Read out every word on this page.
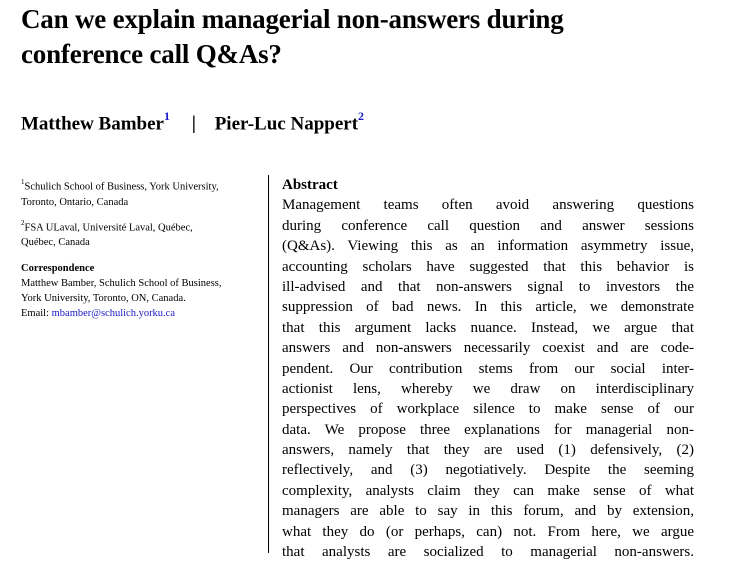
Can we explain managerial non-answers during
conference call Q&As?
Matthew Bamber$^1$ | Pier-Luc Nappert$^2$

$^1$Schulich School of Business, York University,
Toronto, Ontario, Canada

$^2$FSA ULaval, Université Laval, Québec,
Québec, Canada

Correspondence
Matthew Bamber, Schulich School of Business,
York University, Toronto, ON, Canada.
Email: mbamber@schulich.yorku.ca

Abstract
Management teams often avoid answering questions
during conference call question and answer sessions
(Q&As). Viewing this as an information asymmetry issue,
accounting scholars have suggested that this behavior is
ill-advised and that non-answers signal to investors the
suppression of bad news. In this article, we demonstrate
that this argument lacks nuance. Instead, we argue that
answers and non-answers necessarily coexist and are code-
pendent. Our contribution stems from our social inter-
actionist lens, whereby we draw on interdisciplinary
perspectives of workplace silence to make sense of our
data. We propose three explanations for managerial non-
answers, namely that they are used (1) defensively, (2)
reflectively, and (3) negotiatively. Despite the seeming
complexity, analysts claim they can make sense of what
managers are able to say in this forum, and by extension,
what they do (or perhaps, can) not. From here, we argue
that analysts are socialized to managerial non-answers.
